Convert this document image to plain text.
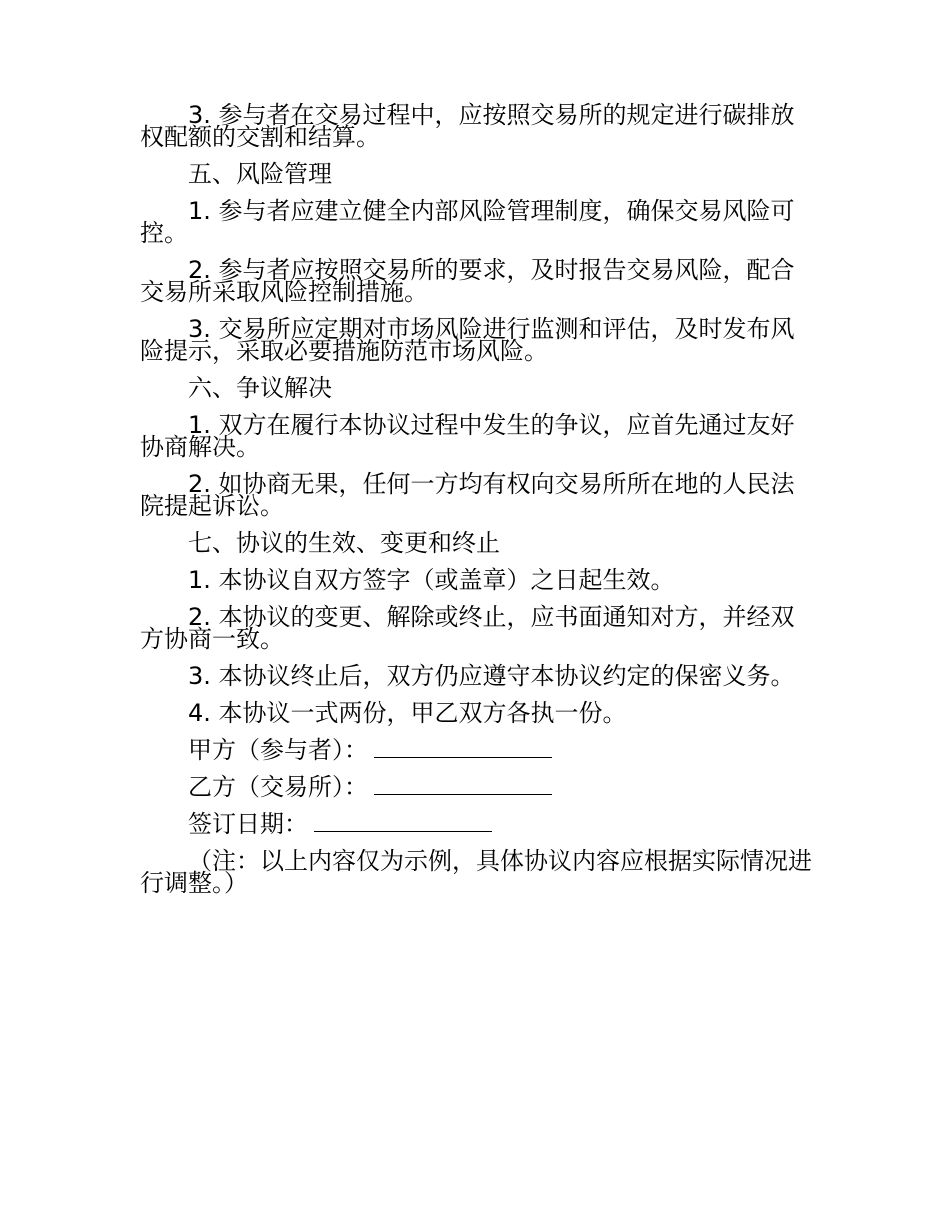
3. 参与者在交易过程中，应按照交易所的规定进行碳排放权配额的交割和结算。

五、风险管理

1. 参与者应建立健全内部风险管理制度，确保交易风险可控。

2. 参与者应按照交易所的要求，及时报告交易风险，配合交易所采取风险控制措施。

3. 交易所应定期对市场风险进行监测和评估，及时发布风险提示，采取必要措施防范市场风险。

六、争议解决

1. 双方在履行本协议过程中发生的争议，应首先通过友好协商解决。

2. 如协商无果，任何一方均有权向交易所所在地的人民法院提起诉讼。

七、协议的生效、变更和终止

1. 本协议自双方签字（或盖章）之日起生效。

2. 本协议的变更、解除或终止，应书面通知对方，并经双方协商一致。

3. 本协议终止后，双方仍应遵守本协议约定的保密义务。

4. 本协议一式两份，甲乙双方各执一份。

甲方（参与者）：
乙方（交易所）：
签订日期：

（注：以上内容仅为示例，具体协议内容应根据实际情况进行调整。）
